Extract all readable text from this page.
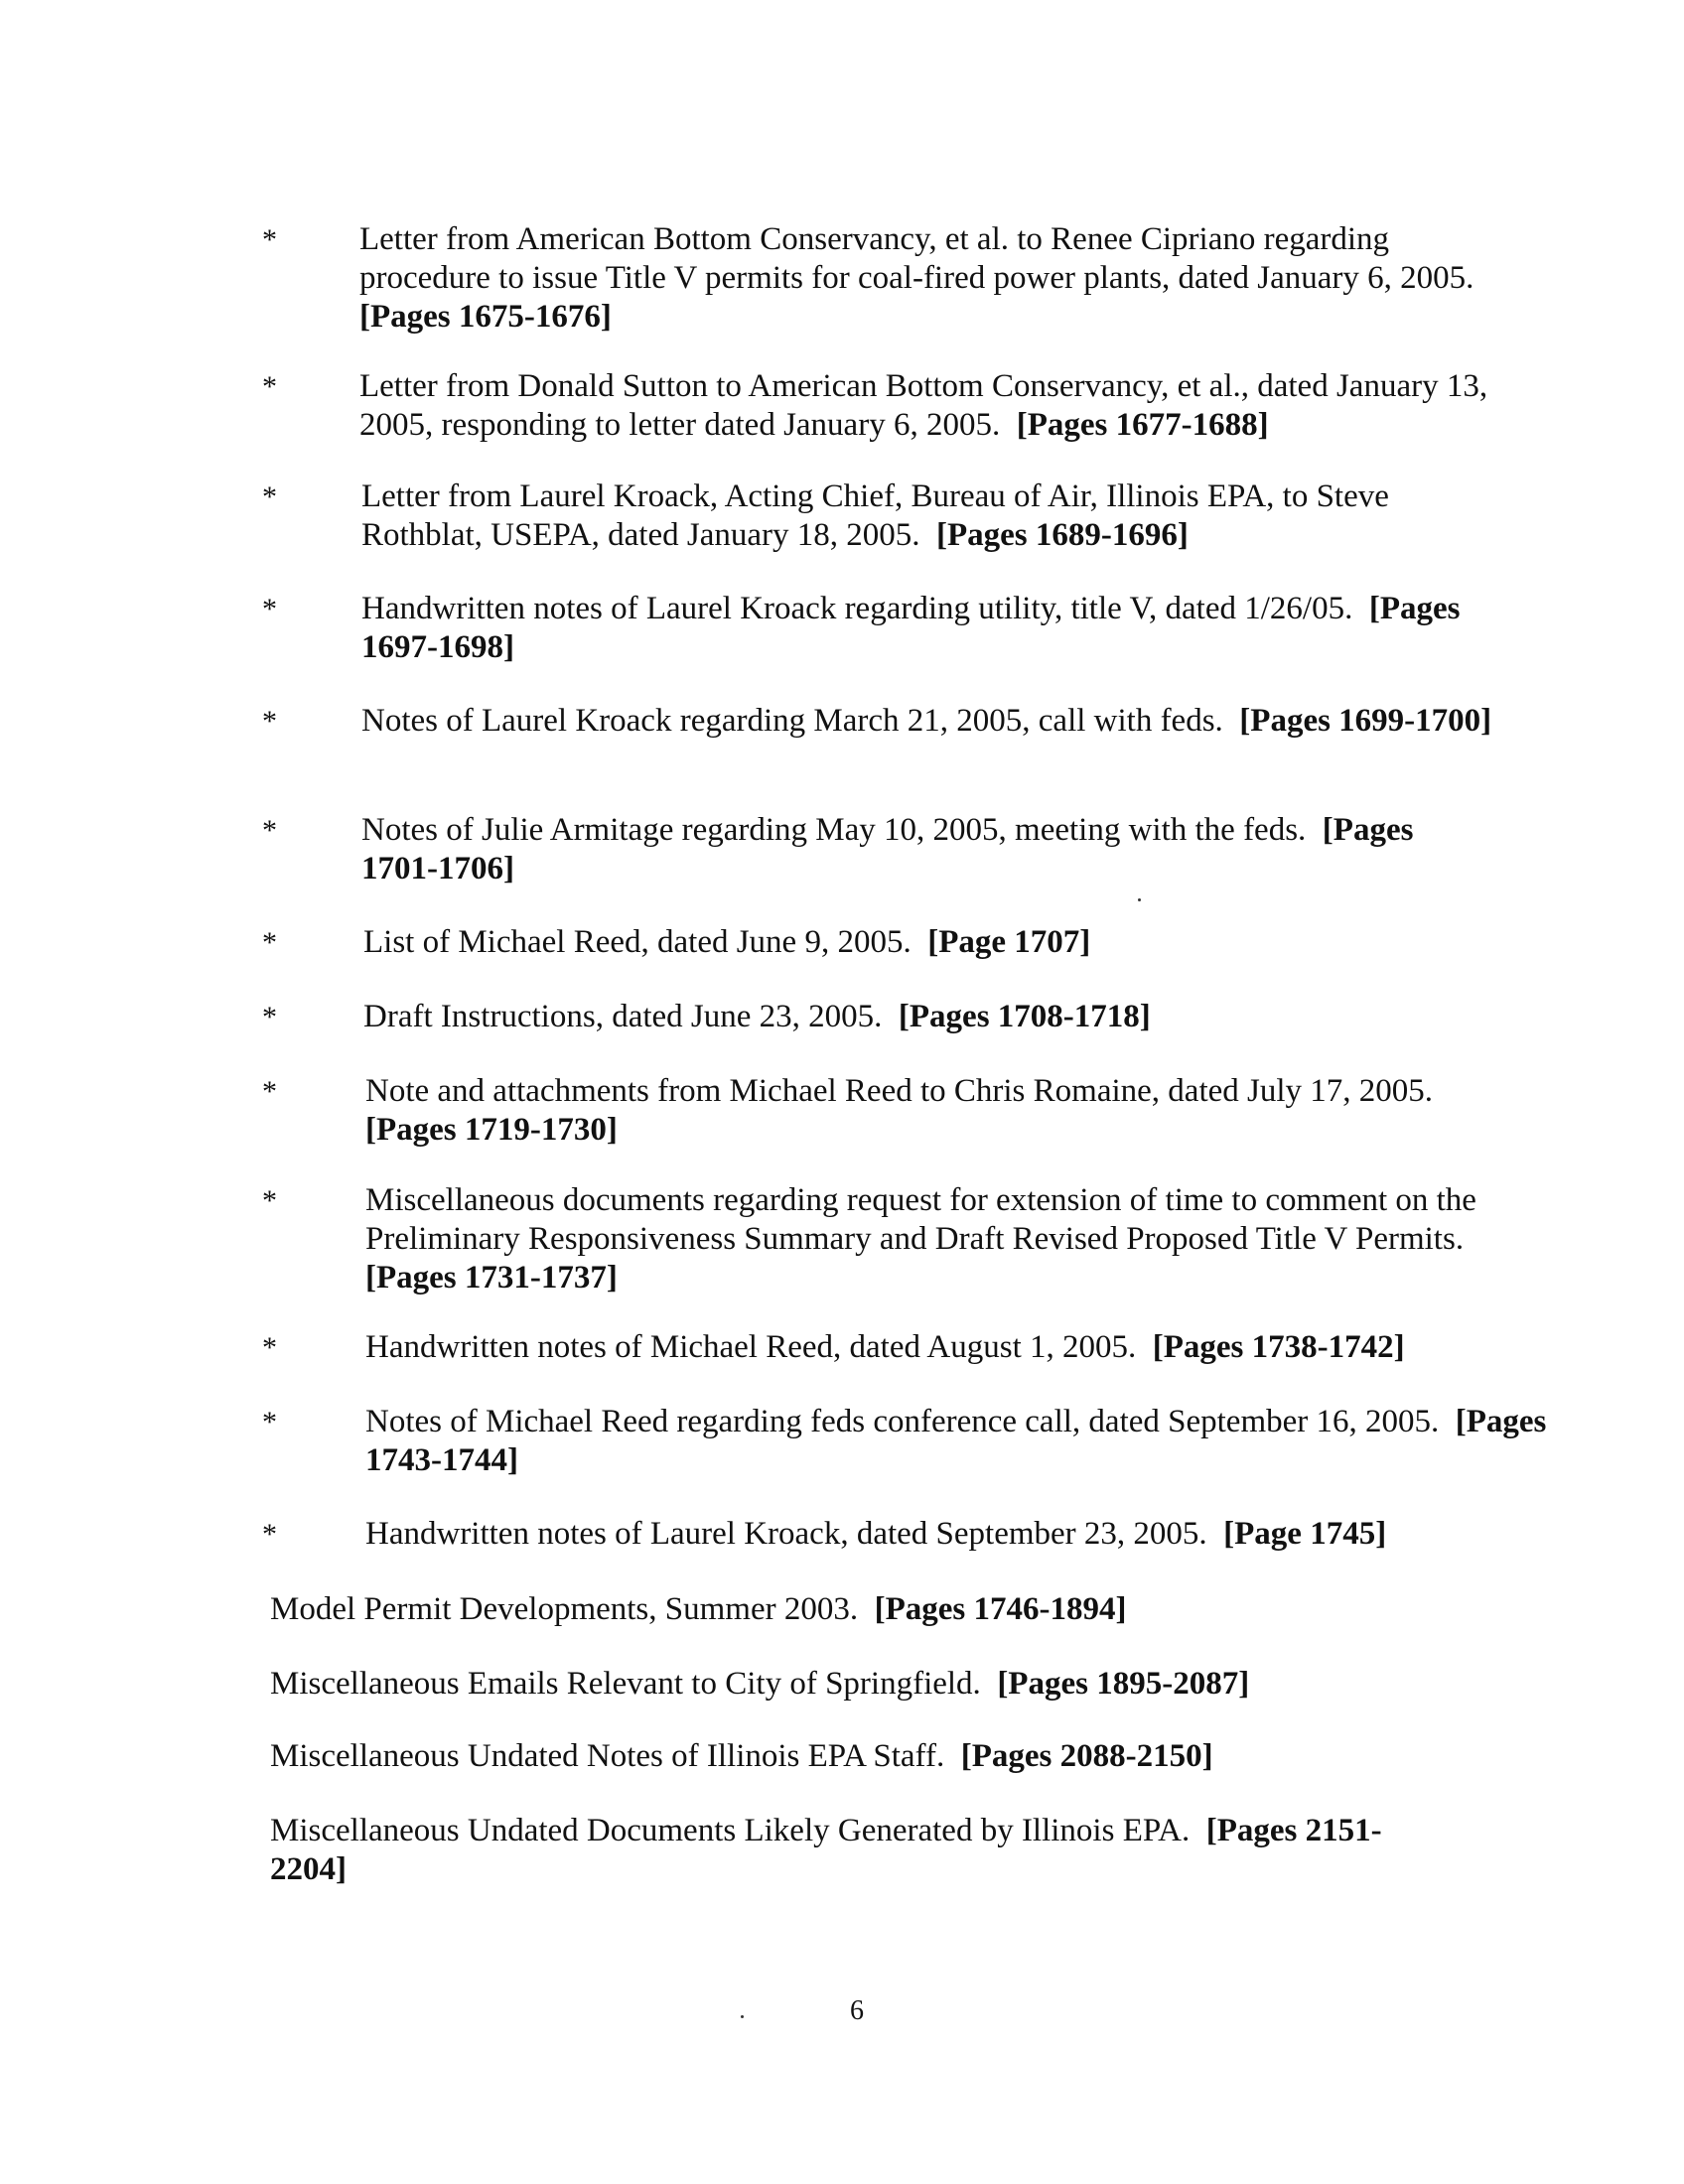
*	Letter from American Bottom Conservancy, et al. to Renee Cipriano regarding procedure to issue Title V permits for coal-fired power plants, dated January 6, 2005.  [Pages 1675-1676]
*	Letter from Donald Sutton to American Bottom Conservancy, et al., dated January 13, 2005, responding to letter dated January 6, 2005. [Pages 1677-1688]
*	Letter from Laurel Kroack, Acting Chief, Bureau of Air, Illinois EPA, to Steve Rothblat, USEPA, dated January 18, 2005. [Pages 1689-1696]
*	Handwritten notes of Laurel Kroack regarding utility, title V, dated 1/26/05. [Pages 1697-1698]
*	Notes of Laurel Kroack regarding March 21, 2005, call with feds. [Pages 1699-1700]
*	Notes of Julie Armitage regarding May 10, 2005, meeting with the feds. [Pages 1701-1706]
*	List of Michael Reed, dated June 9, 2005. [Page 1707]
*	Draft Instructions, dated June 23, 2005. [Pages 1708-1718]
*	Note and attachments from Michael Reed to Chris Romaine, dated July 17, 2005.  [Pages 1719-1730]
*	Miscellaneous documents regarding request for extension of time to comment on the Preliminary Responsiveness Summary and Draft Revised Proposed Title V Permits.  [Pages 1731-1737]
*	Handwritten notes of Michael Reed, dated August 1, 2005. [Pages 1738-1742]
*	Notes of Michael Reed regarding feds conference call, dated September 16, 2005. [Pages 1743-1744]
*	Handwritten notes of Laurel Kroack, dated September 23, 2005. [Page 1745]
Model Permit Developments, Summer 2003. [Pages 1746-1894]
Miscellaneous Emails Relevant to City of Springfield. [Pages 1895-2087]
Miscellaneous Undated Notes of Illinois EPA Staff. [Pages 2088-2150]
Miscellaneous Undated Documents Likely Generated by Illinois EPA. [Pages 2151-2204]
6
